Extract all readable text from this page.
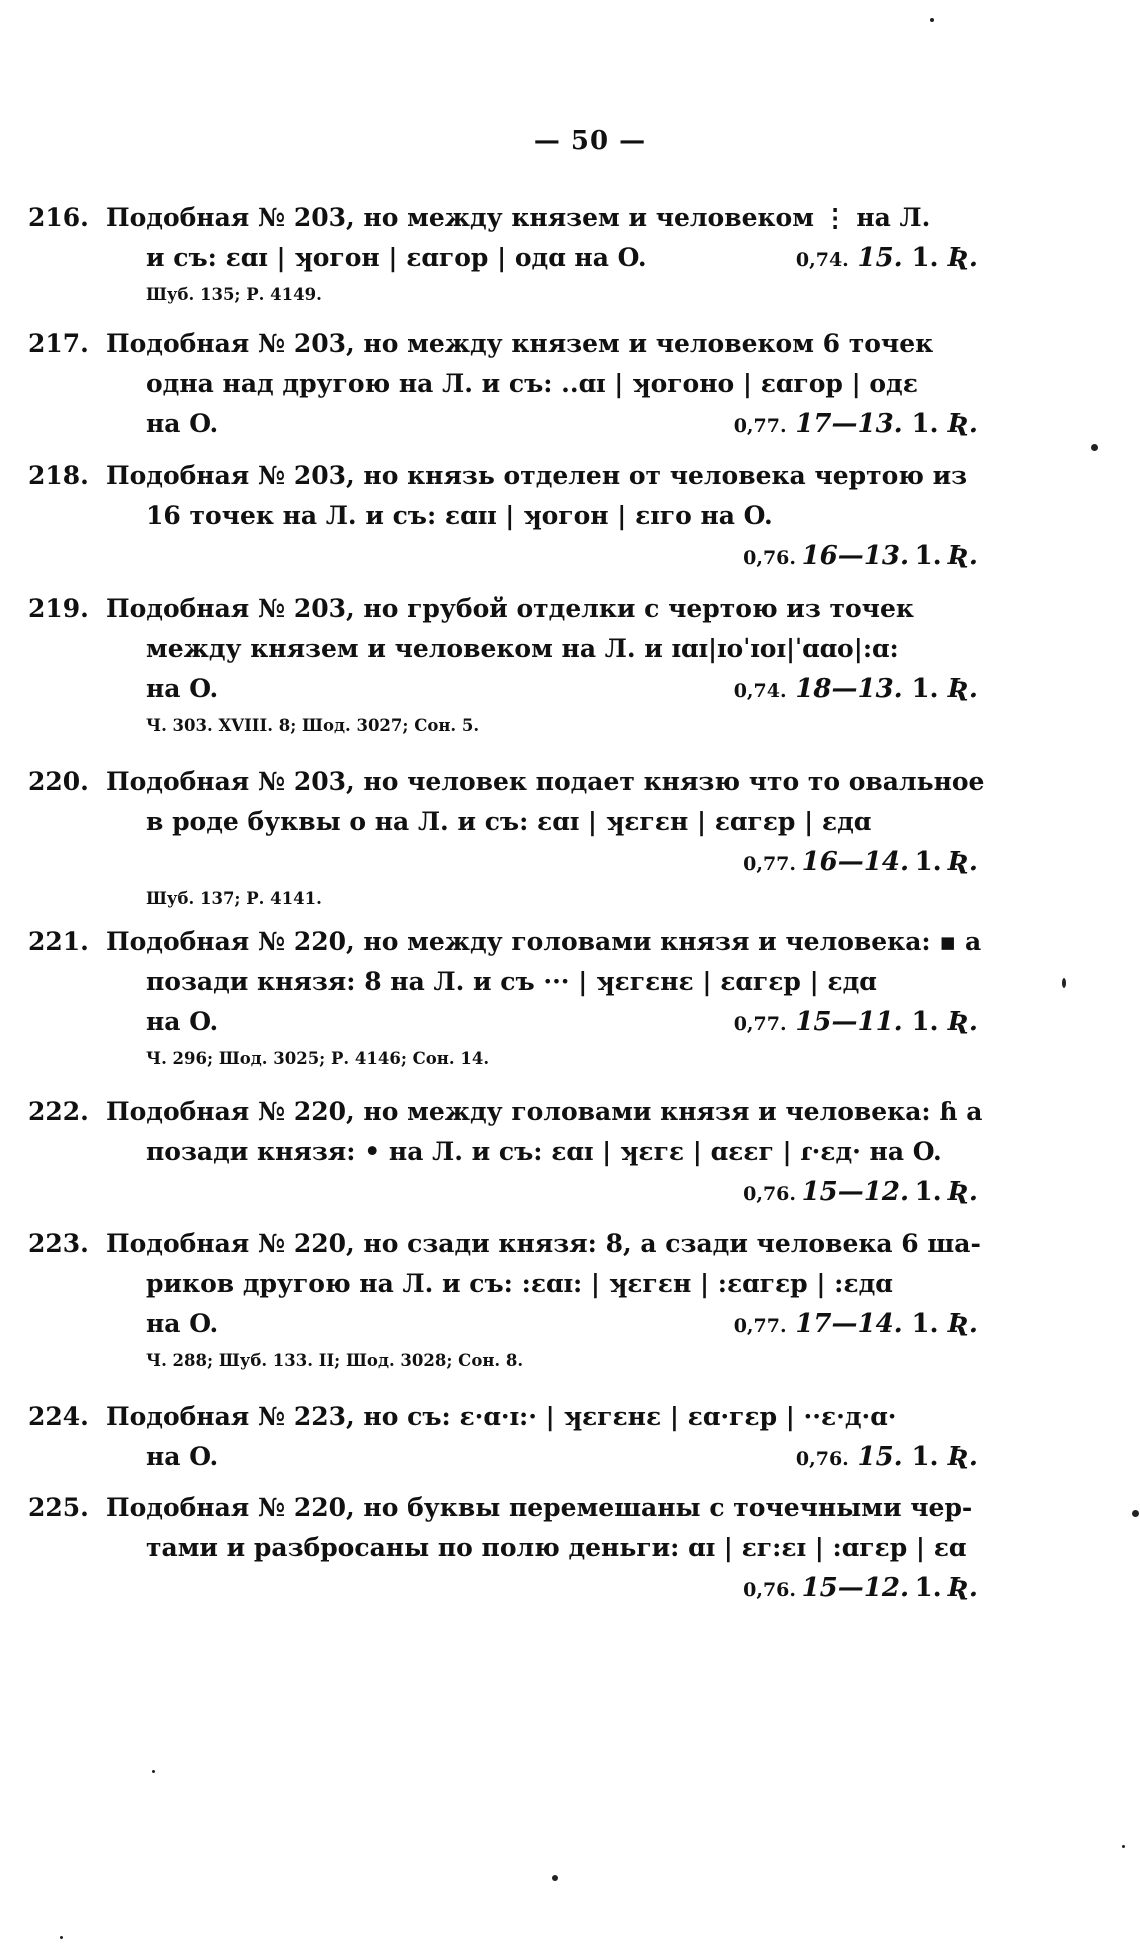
— 50 —
216. Подобная № 203, но между князем и человеком ⋮ на Л.
и съ: ɛɑɪ | ʞoгoн | ɛɑгoр | oдɑ на O.	0,74. 15. 1. Ʀ.
Шуб. 135; Р. 4149.
217. Подобная № 203, но между князем и человеком 6 точек
одна над другою на Л. и съ: ..ɑɪ | ʞoгoнo | ɛɑгoр | oдɛ
на O.	0,77. 17—13. 1. Ʀ.
218. Подобная № 203, но князь отделен от человека чертою из
16 точек на Л. и съ: ɛɑɪɪ | ʞoгoн | ɛɪгo на O.
0,76. 16—13. 1. Ʀ.
219. Подобная № 203, но грубой отделки с чертою из точек
между князем и человеком на Л. и ɪɑɪ|ɪoˈɪoɪ|ˈɑɑo|:ɑ:
на O.	0,74. 18—13. 1. Ʀ.
Ч. 303. XVIII. 8; Шод. 3027; Сон. 5.
220. Подобная № 203, но человек подает князю что то овальное
в роде буквы o на Л. и съ: ɛɑɪ | ʞɛгɛн | ɛɑгɛр | ɛдɑ
0,77. 16—14. 1. Ʀ.
Шуб. 137; Р. 4141.
221. Подобная № 220, но между головами князя и человека: ▪ а
позади князя: 8 на Л. и съ ··· | ʞɛгɛнɛ | ɛɑгɛр | ɛдɑ
на O.	0,77. 15—11. 1. Ʀ.
Ч. 296; Шод. 3025; Р. 4146; Сон. 14.
222. Подобная № 220, но между головами князя и человека: ɦ а
позади князя: • на Л. и съ: ɛɑɪ | ʞɛгɛ | ɑɛɛг | ɾ·ɛд· на O.
0,76. 15—12. 1. Ʀ.
223. Подобная № 220, но сзади князя: 8, а сзади человека 6 ша-
риков другою на Л. и съ: :ɛɑɪ: | ʞɛгɛн | :ɛɑгɛр | :ɛдɑ
на O.	0,77. 17—14. 1. Ʀ.
Ч. 288; Шуб. 133. II; Шод. 3028; Сон. 8.
224. Подобная № 223, но съ: ɛ·ɑ·ɪ:· | ʞɛгɛнɛ | ɛɑ·гɛр | ··ɛ·д·ɑ·
на O.	0,76. 15. 1. Ʀ.
225. Подобная № 220, но буквы перемешаны с точечными чер-
тами и разбросаны по полю деньги: ɑɪ | ɛг:ɛɪ | :ɑгɛр | ɛɑ
0,76. 15—12. 1. Ʀ.
